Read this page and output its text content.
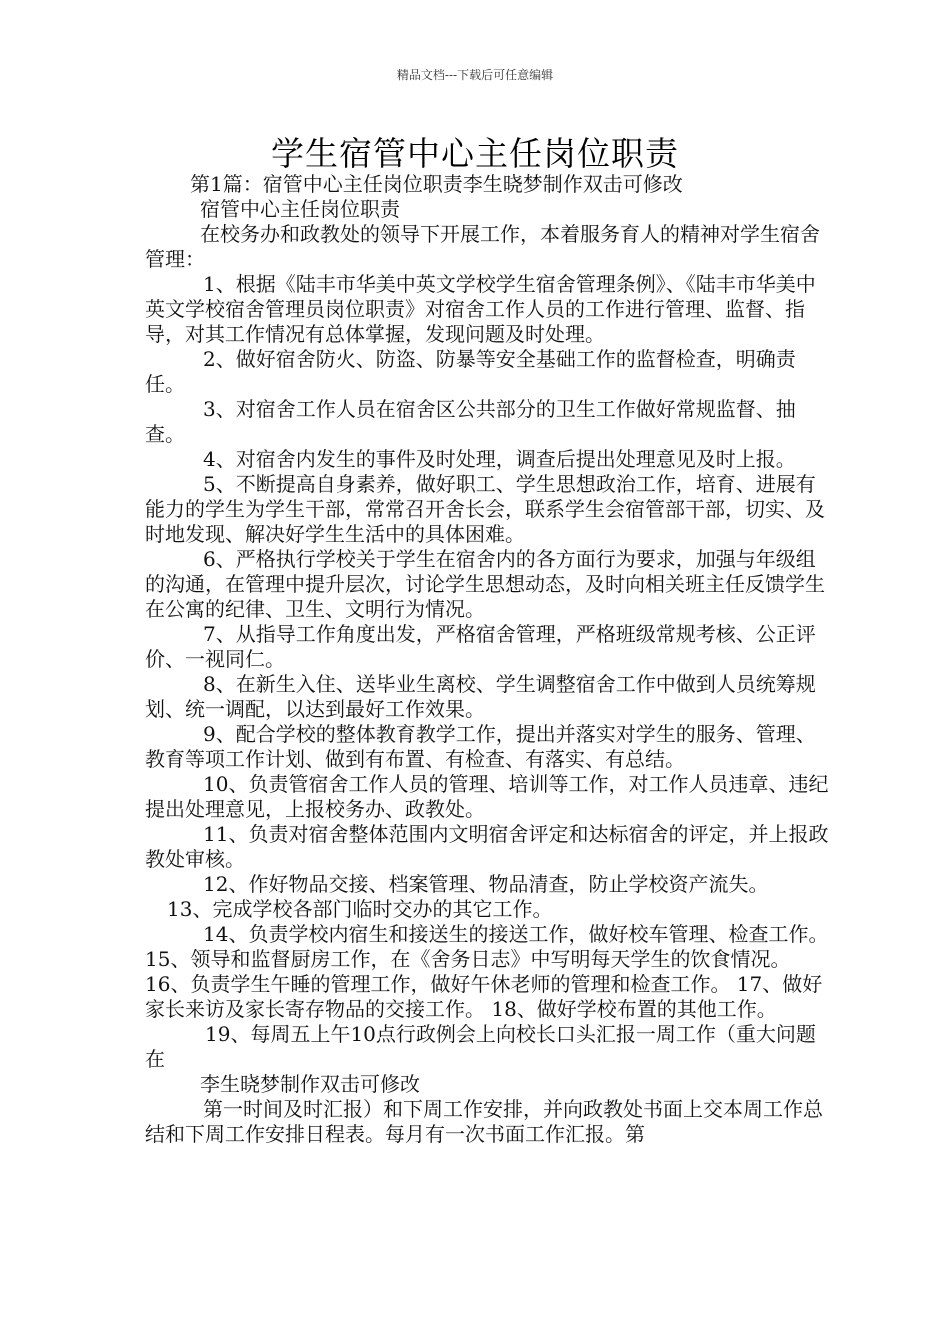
精品文档---下载后可任意编辑
学生宿管中心主任岗位职责

第1篇：宿管中心主任岗位职责李生晓梦制作双击可修改

宿管中心主任岗位职责

在校务办和政教处的领导下开展工作，本着服务育人的精神对学生宿舍管理：

1、根据《陆丰市华美中英文学校学生宿舍管理条例》、《陆丰市华美中英文学校宿舍管理员岗位职责》对宿舍工作人员的工作进行管理、监督、指导，对其工作情况有总体掌握，发现问题及时处理。

2、做好宿舍防火、防盗、防暴等安全基础工作的监督检查，明确责任。

3、对宿舍工作人员在宿舍区公共部分的卫生工作做好常规监督、抽查。

4、对宿舍内发生的事件及时处理，调查后提出处理意见及时上报。

5、不断提高自身素养，做好职工、学生思想政治工作，培育、进展有能力的学生为学生干部，常常召开舍长会，联系学生会宿管部干部，切实、及时地发现、解决好学生生活中的具体困难。

6、严格执行学校关于学生在宿舍内的各方面行为要求，加强与年级组的沟通，在管理中提升层次，讨论学生思想动态，及时向相关班主任反馈学生在公寓的纪律、卫生、文明行为情况。

7、从指导工作角度出发，严格宿舍管理，严格班级常规考核、公正评价、一视同仁。

8、在新生入住、送毕业生离校、学生调整宿舍工作中做到人员统筹规划、统一调配，以达到最好工作效果。

9、配合学校的整体教育教学工作，提出并落实对学生的服务、管理、教育等项工作计划、做到有布置、有检查、有落实、有总结。

10、负责管宿舍工作人员的管理、培训等工作，对工作人员违章、违纪提出处理意见，上报校务办、政教处。

11、负责对宿舍整体范围内文明宿舍评定和达标宿舍的评定，并上报政教处审核。

12、作好物品交接、档案管理、物品清查，防止学校资产流失。

13、完成学校各部门临时交办的其它工作。

14、负责学校内宿生和接送生的接送工作，做好校车管理、检查工作。 15、领导和监督厨房工作，在《舍务日志》中写明每天学生的饮食情况。 16、负责学生午睡的管理工作，做好午休老师的管理和检查工作。 17、做好家长来访及家长寄存物品的交接工作。 18、做好学校布置的其他工作。

19、每周五上午10点行政例会上向校长口头汇报一周工作（重大问题在

李生晓梦制作双击可修改

第一时间及时汇报）和下周工作安排，并向政教处书面上交本周工作总结和下周工作安排日程表。每月有一次书面工作汇报。第
